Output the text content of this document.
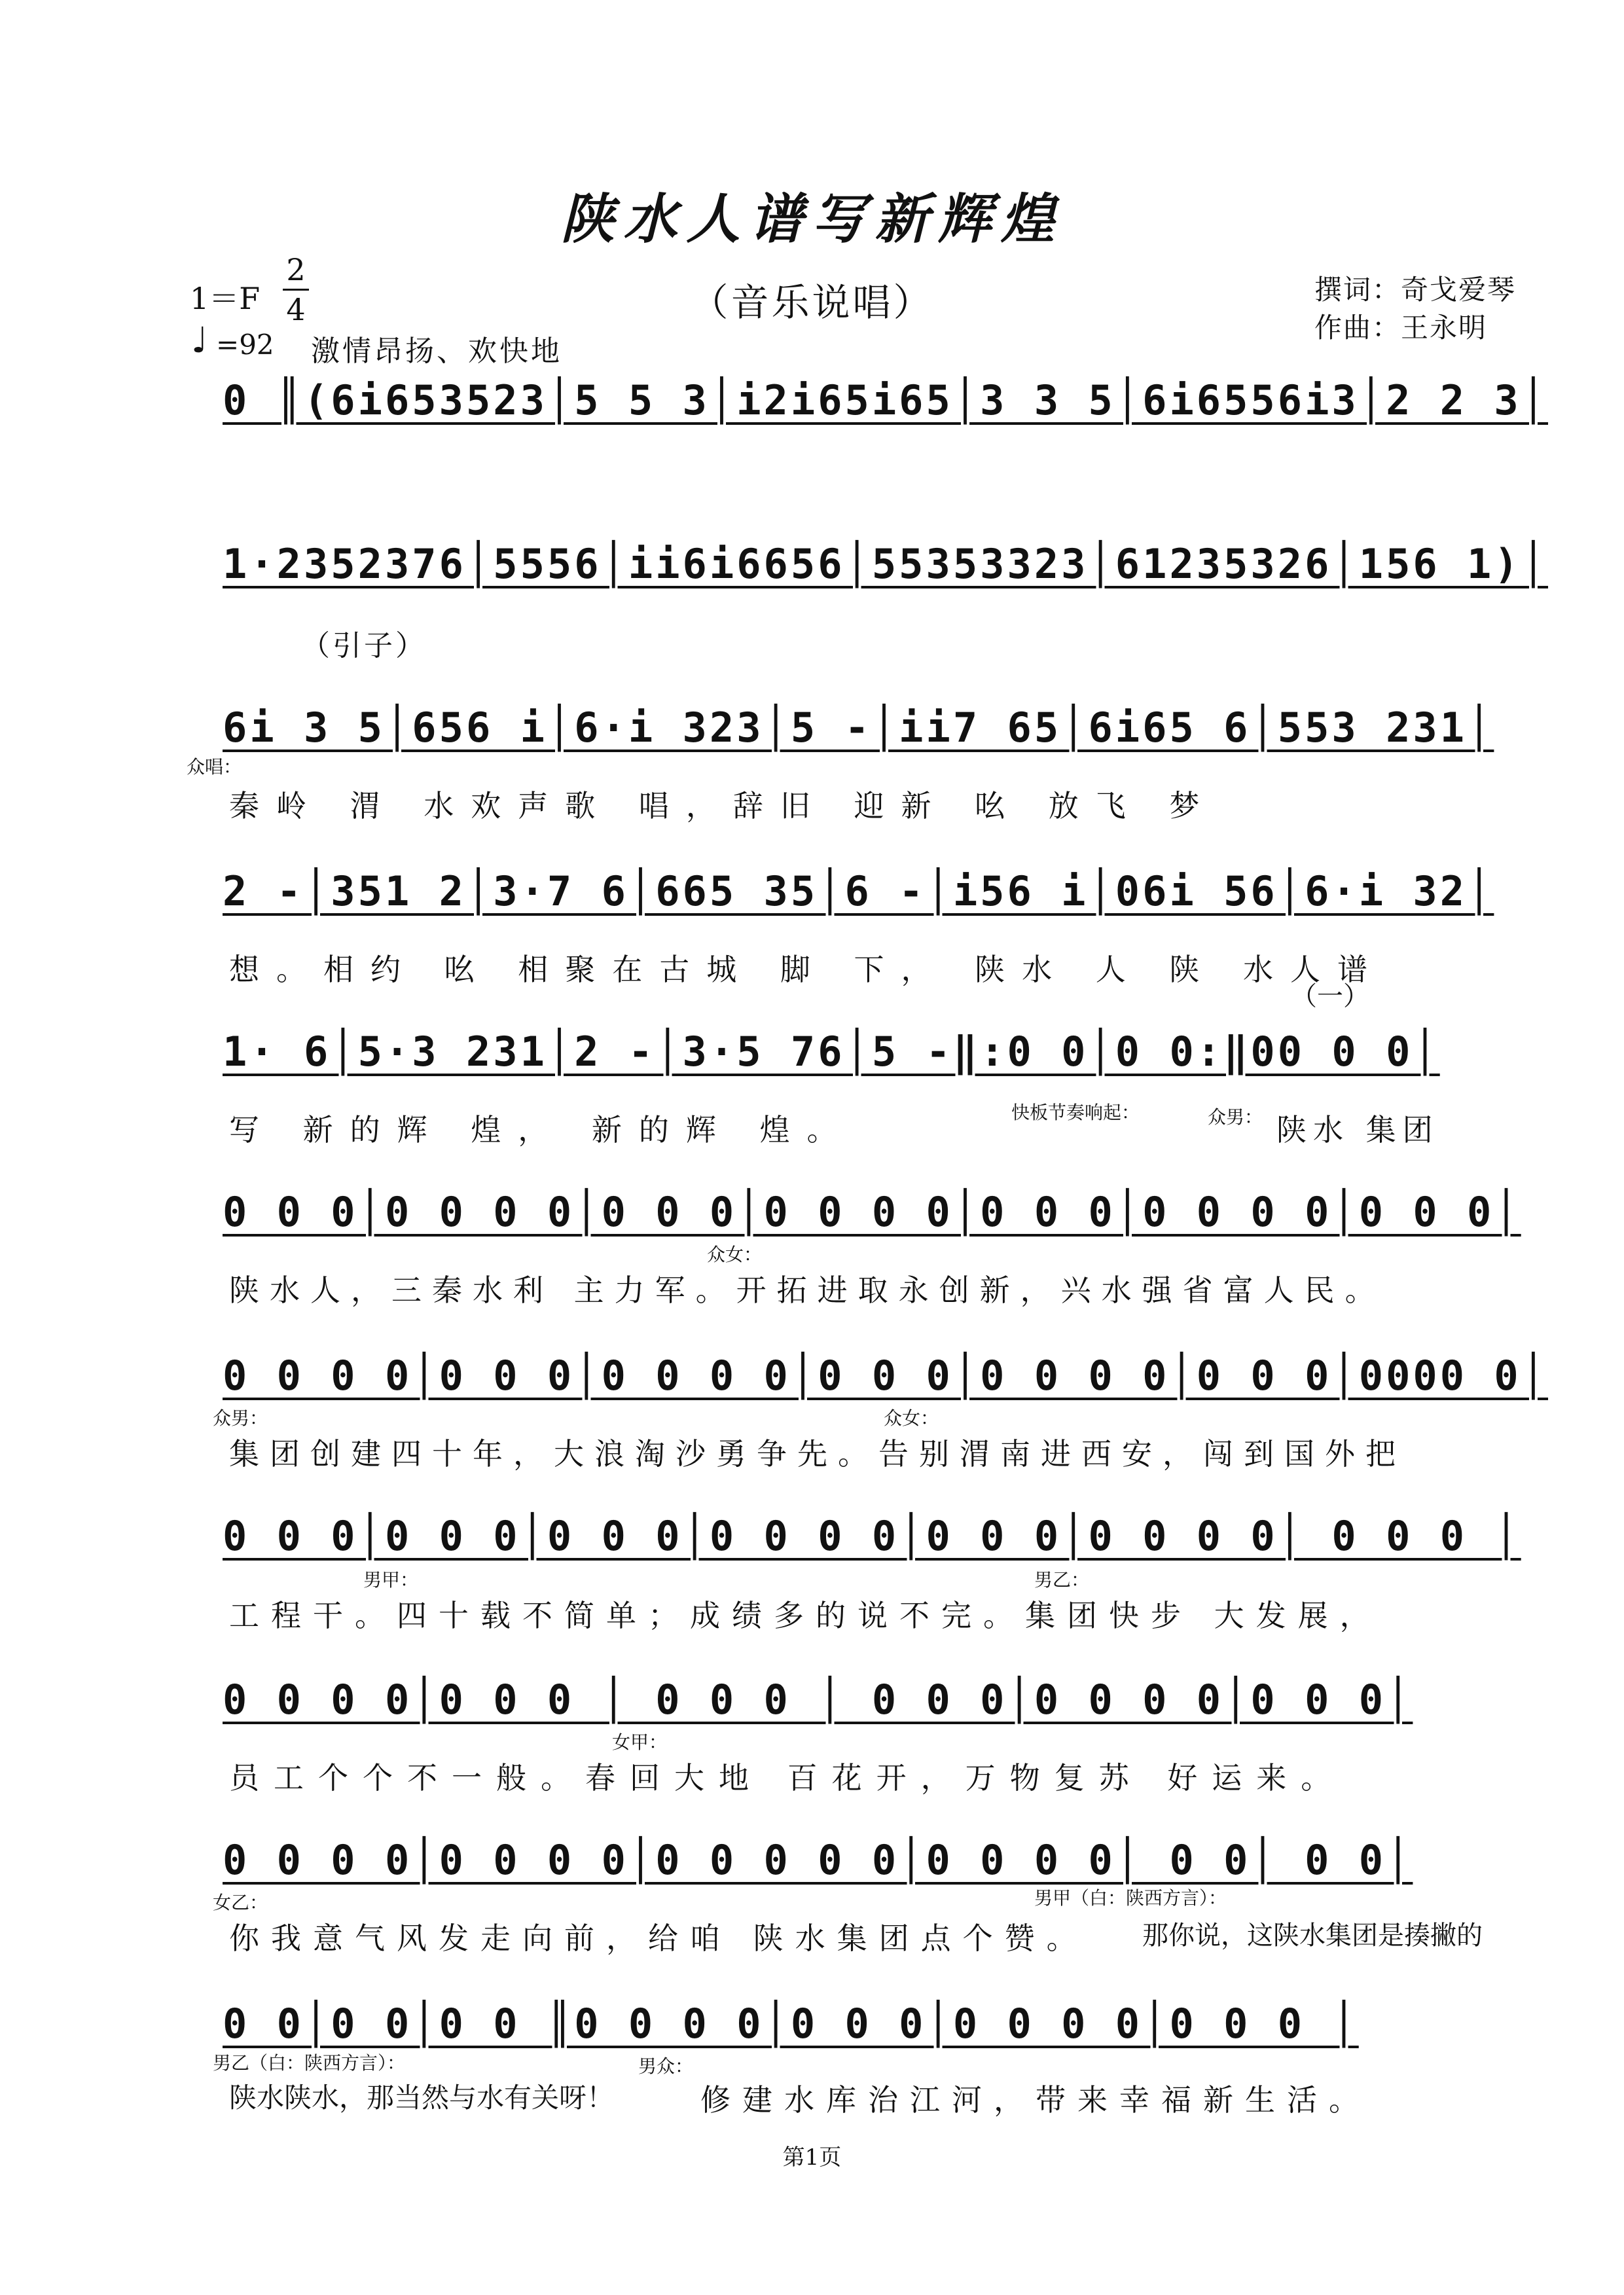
陕水人谱写新辉煌
（音乐说唱）
1＝F
2
4
♩ =92 激情昂扬、欢快地
撰词：奇戈爱琴
作曲：王永明
0 ║(6i653523│5 5 3│i2i65i65│3 3 5│6i6556i3│2 2 3│
1·2352376│5556│ii6i6656│55353323│61235326│156 1)│
（引子）
6i 3 5│656 i│6·i 323│5 -│ii7 65│6i65 6│553 231│
众唱：
秦岭 渭 水欢声歌 唱，辞旧 迎新 吆 放飞 梦
2 -│351 2│3·7 6│665 35│6 -│i56 i│06i 56│6·i 32│
想。相约 吆 相聚在古城 脚 下， 陕水 人 陕 水人谱
（一）
1· 6│5·3 231│2 -│3·5 76│5 -‖:0 0│0 0:‖00 0 0│
写 新的辉 煌， 新的辉 煌。	快板节奏响起：	众男： 陕水 集团
0 0 0│0 0 0 0│0 0 0│0 0 0 0│0 0 0│0 0 0 0│0 0 0│
众女：
陕水人，三秦水利 主力军。开拓进取永创新，兴水强省富人民。
0 0 0 0│0 0 0│0 0 0 0│0 0 0│0 0 0 0│0 0 0│0000 0│
众男：	众女：
集团创建四十年，大浪淘沙勇争先。告别渭南进西安，闯到国外把
0 0 0│0 0 0│0 0 0│0 0 0 0│0 0 0│0 0 0 0│ 0 0 0 │
男甲：	男乙：
工程干。四十载不简单；成绩多的说不完。集团快步 大发展，
0 0 0 0│0 0 0 │ 0 0 0 │ 0 0 0│0 0 0 0│0 0 0│
女甲：
员工个个不一般。春回大地 百花开，万物复苏 好运来。
0 0 0 0│0 0 0 0│0 0 0 0 0│0 0 0 0│ 0 0│ 0 0│
女乙：	男甲（白：陕西方言）：
你我意气风发走向前，给咱 陕水集团点个赞。	那你说，这陕水集团是揍撇的
0 0│0 0│0 0 ║0 0 0 0│0 0 0│0 0 0 0│0 0 0 │
男乙（白：陕西方言）：	男众：
陕水陕水，那当然与水有关呀！	修建水库治江河，带来幸福新生活。
第1页
